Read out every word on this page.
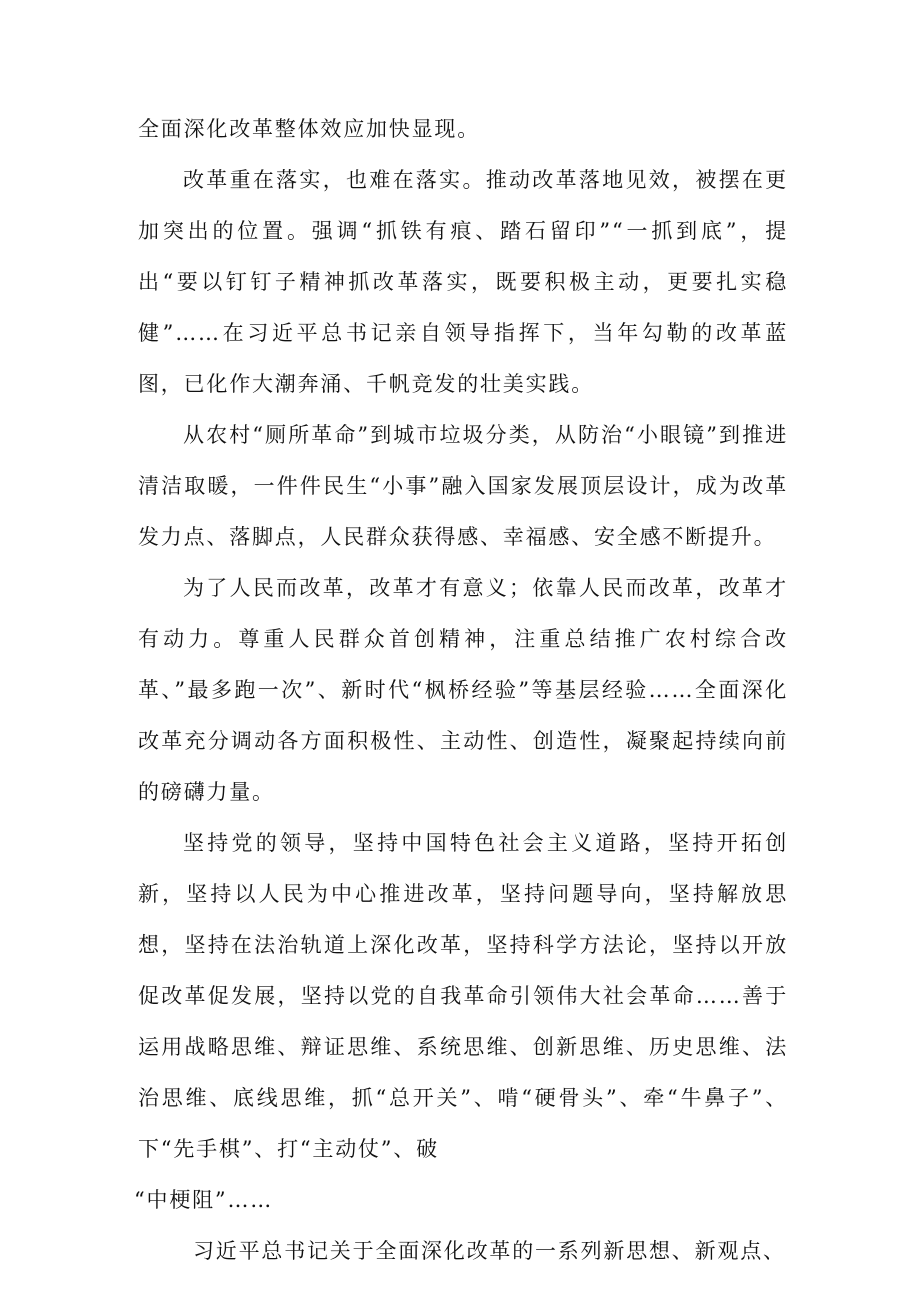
全面深化改革整体效应加快显现。

改革重在落实，也难在落实。推动改革落地见效，被摆在更加突出的位置。强调“抓铁有痕、踏石留印”“一抓到底”，提出“要以钉钉子精神抓改革落实，既要积极主动，更要扎实稳健”……在习近平总书记亲自领导指挥下，当年勾勒的改革蓝图，已化作大潮奔涌、千帆竞发的壮美实践。

从农村“厕所革命”到城市垃圾分类，从防治“小眼镜”到推进清洁取暖，一件件民生“小事”融入国家发展顶层设计，成为改革发力点、落脚点，人民群众获得感、幸福感、安全感不断提升。

为了人民而改革，改革才有意义；依靠人民而改革，改革才有动力。尊重人民群众首创精神，注重总结推广农村综合改革、”最多跑一次”、新时代“枫桥经验”等基层经验……全面深化改革充分调动各方面积极性、主动性、创造性，凝聚起持续向前的磅礴力量。

坚持党的领导，坚持中国特色社会主义道路，坚持开拓创新，坚持以人民为中心推进改革，坚持问题导向，坚持解放思想，坚持在法治轨道上深化改革，坚持科学方法论，坚持以开放促改革促发展，坚持以党的自我革命引领伟大社会革命……善于运用战略思维、辩证思维、系统思维、创新思维、历史思维、法治思维、底线思维，抓“总开关”、啃“硬骨头”、牵“牛鼻子”、下“先手棋”、打“主动仗”、破

“中梗阻”……

习近平总书记关于全面深化改革的一系列新思想、新观点、
